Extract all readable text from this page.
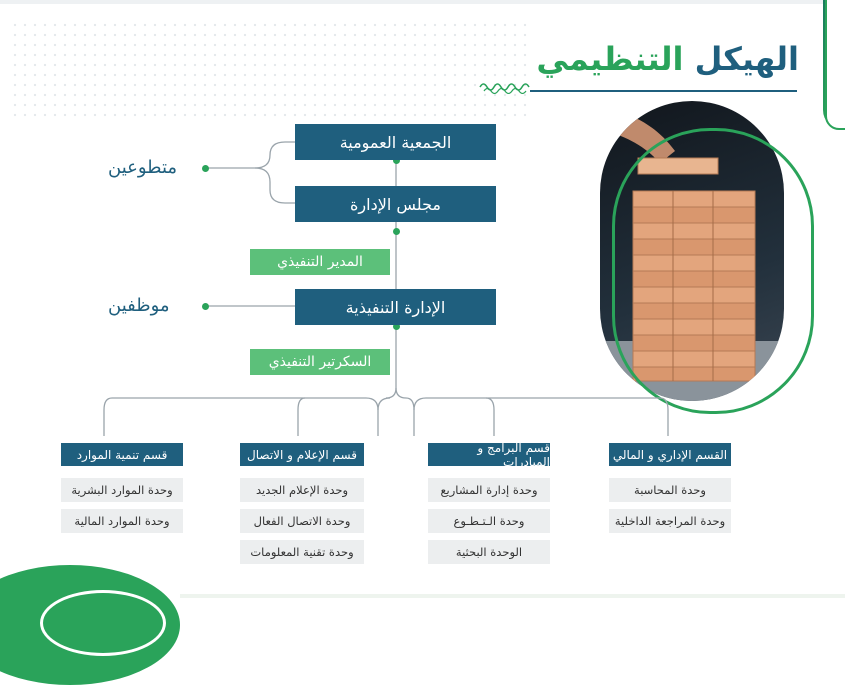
الهيكل التنظيمي
متطوعين
موظفين
الجمعية العمومية
مجلس الإدارة
المدير التنفيذي
الإدارة التنفيذية
السكرتير التنفيذي
القسم الإداري و المالي
وحدة المحاسبة
وحدة المراجعة الداخلية
قسم البرامج و المبادرات
وحدة إدارة المشاريع
وحدة الـتـطـوع
الوحدة البحثية
قسم الإعلام و الاتصال
وحدة الإعلام الجديد
وحدة الاتصال الفعال
وحدة تقنية المعلومات
قسم تنمية الموارد
وحدة الموارد البشرية
وحدة الموارد المالية
